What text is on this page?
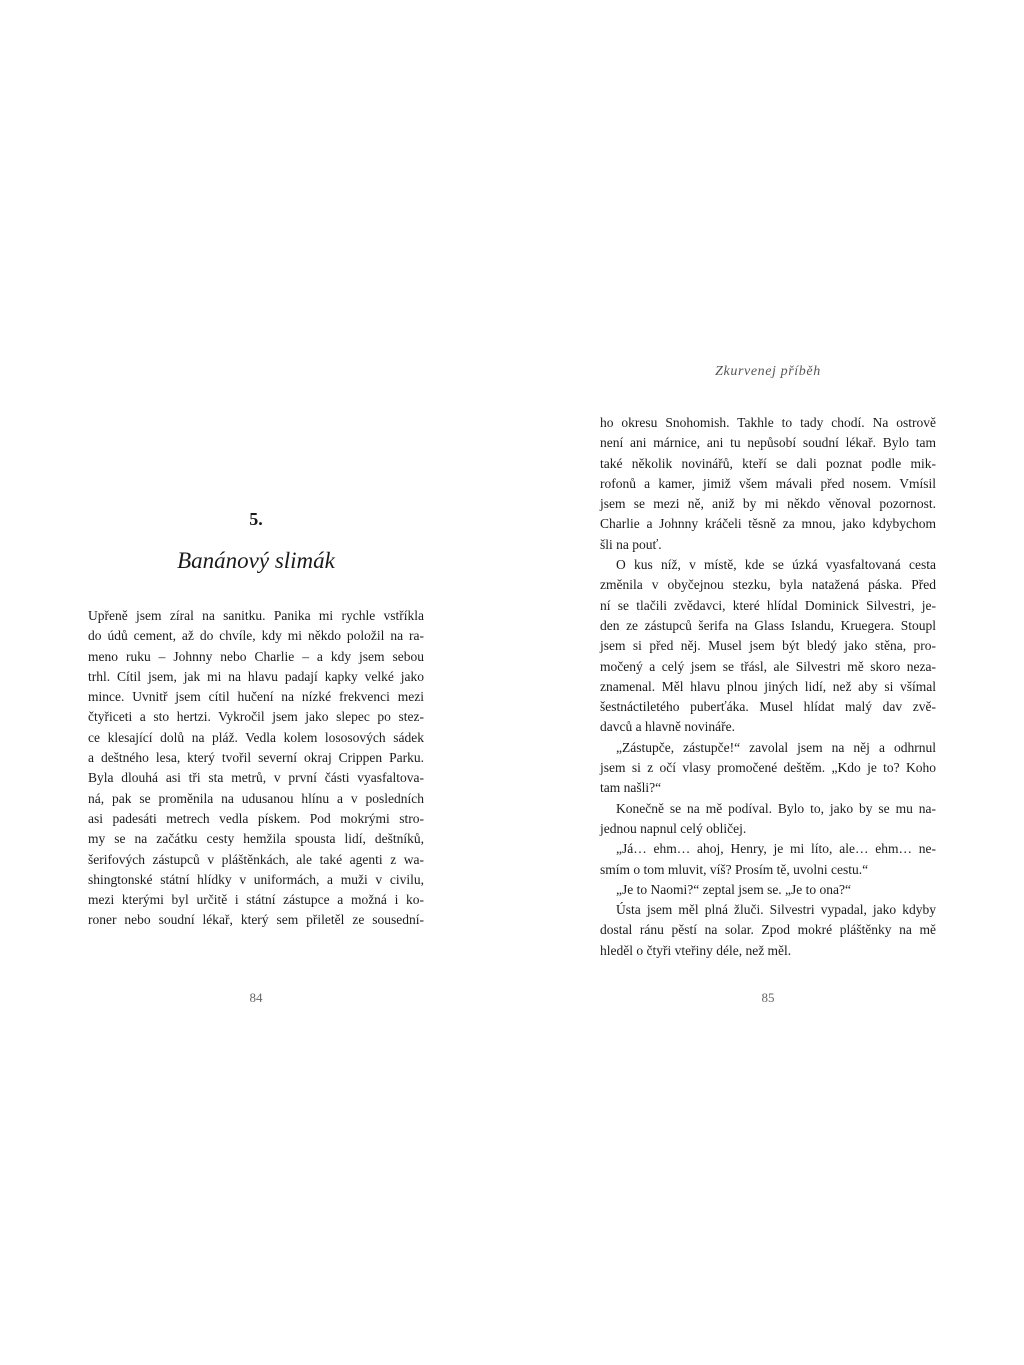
5.
Banánový slimák
Upřeně jsem zíral na sanitku. Panika mi rychle vstříkla
do údů cement, až do chvíle, kdy mi někdo položil na ra-
meno ruku – Johnny nebo Charlie – a kdy jsem sebou
trhl. Cítil jsem, jak mi na hlavu padají kapky velké jako
mince. Uvnitř jsem cítil hučení na nízké frekvenci mezi
čtyřiceti a sto hertzi. Vykročil jsem jako slepec po stez-
ce klesající dolů na pláž. Vedla kolem lososových sádek
a deštného lesa, který tvořil severní okraj Crippen Parku.
Byla dlouhá asi tři sta metrů, v první části vyasfaltova-
ná, pak se proměnila na udusanou hlínu a v posledních
asi padesáti metrech vedla pískem. Pod mokrými stro-
my se na začátku cesty hemžila spousta lidí, deštníků,
šerifových zástupců v pláštěnkách, ale také agenti z wa-
shingtonské státní hlídky v uniformách, a muži v civilu,
mezi kterými byl určitě i státní zástupce a možná i ko-
roner nebo soudní lékař, který sem přiletěl ze sousední-
84
Zkurvenej příběh
ho okresu Snohomish. Takhle to tady chodí. Na ostrově
není ani márnice, ani tu nepůsobí soudní lékař. Bylo tam
také několik novinářů, kteří se dali poznat podle mik-
rofonů a kamer, jimiž všem mávali před nosem. Vmísil
jsem se mezi ně, aniž by mi někdo věnoval pozornost.
Charlie a Johnny kráčeli těsně za mnou, jako kdybychom
šli na pouť.
O kus níž, v místě, kde se úzká vyasfaltovaná cesta
změnila v obyčejnou stezku, byla natažená páska. Před
ní se tlačili zvědavci, které hlídal Dominick Silvestri, je-
den ze zástupců šerifa na Glass Islandu, Kruegera. Stoupl
jsem si před něj. Musel jsem být bledý jako stěna, pro-
močený a celý jsem se třásl, ale Silvestri mě skoro neza-
znamenal. Měl hlavu plnou jiných lidí, než aby si všímal
šestnáctiletého puberťáka. Musel hlídat malý dav zvě-
davců a hlavně novináře.
„Zástupče, zástupče!“ zavolal jsem na něj a odhrnul
jsem si z očí vlasy promočené deštěm. „Kdo je to? Koho
tam našli?“
Konečně se na mě podíval. Bylo to, jako by se mu na-
jednou napnul celý obličej.
„Já… ehm… ahoj, Henry, je mi líto, ale… ehm… ne-
smím o tom mluvit, víš? Prosím tě, uvolni cestu.“
„Je to Naomi?“ zeptal jsem se. „Je to ona?“
Ústa jsem měl plná žluči. Silvestri vypadal, jako kdyby
dostal ránu pěstí na solar. Zpod mokré pláštěnky na mě
hleděl o čtyři vteřiny déle, než měl.
85
